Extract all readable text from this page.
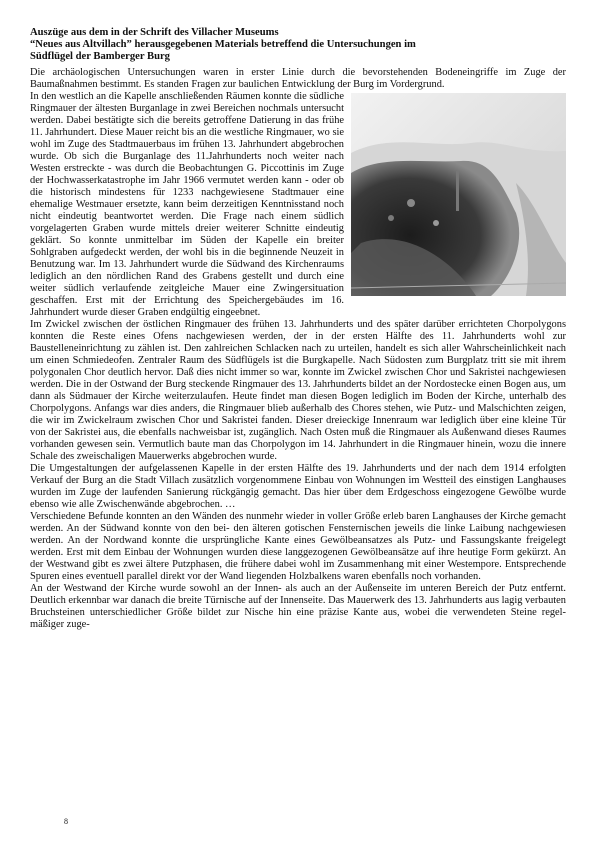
Auszüge aus dem in der Schrift des Villacher Museums

“Neues aus Altvillach” herausgegebenen Materials betreffend die Untersuchungen im

Südflügel der Bamberger Burg

Die archäologischen Untersuchungen waren in erster Linie durch die bevorstehenden Bodeneingriffe im Zuge der Baumaßnahmen bestimmt. Es standen Fragen zur baulichen Entwicklung der Burg im Vordergrund.

In den westlich an die Kapelle anschließenden Räumen konnte die südliche Ringmauer der ältesten Burganlage in zwei Bereichen nochmals untersucht werden. Dabei bestätigte sich die bereits getroffene Datierung in das frühe 11. Jahrhundert. Diese Mauer reicht bis an die westliche Ringmauer, wo sie wohl im Zuge des Stadtmauerbaus im frühen 13. Jahrhundert abgebrochen wurde. Ob sich die Burganlage des 11.Jahrhunderts noch weiter nach Westen erstreckte - was durch die Beobachtungen G. Piccottinis im Zuge der Hochwasserkatastrophe im Jahr 1966 vermutet werden kann - oder ob die historisch mindestens für 1233 nachgewiesene Stadtmauer eine ehemalige Westmauer ersetzte, kann beim derzeitigen Kenntnisstand noch nicht eindeutig beantwortet werden. Die Frage nach einem südlich vorgelagerten Graben wurde mittels dreier weiterer Schnitte eindeutig geklärt. So konnte unmittelbar im Süden der Kapelle ein breiter Sohlgraben aufgedeckt werden, der wohl bis in die beginnende Neuzeit in Benutzung war. Im 13. Jahrhundert wurde die Südwand des Kirchenraums lediglich an den nördlichen Rand des Grabens gestellt und durch eine weiter südlich verlaufende zeitgleiche Mauer eine Zwingersituation geschaffen. Erst mit der Errichtung des Speichergebäudes im 16. Jahrhundert wurde dieser Graben endgültig eingeebnet.

Im Zwickel zwischen der östlichen Ringmauer des frühen 13. Jahrhunderts und des später darüber errichteten Chorpolygons konnten die Reste eines Ofens nachgewiesen werden, der in der ersten Hälfte des 11. Jahrhunderts wohl zur Baustelleneinrichtung zu zählen ist. Den zahlreichen Schlacken nach zu urteilen, handelt es sich aller Wahrscheinlichkeit nach um einen Schmiedeofen. Zentraler Raum des Südflügels ist die Burgkapelle. Nach Südosten zum Burgplatz tritt sie mit ihrem polygonalen Chor deutlich hervor. Daß dies nicht immer so war, konnte im Zwickel zwischen Chor und Sakristei nachgewiesen werden. Die in der Ostwand der Burg steckende Ringmauer des 13. Jahrhunderts bildet an der Nordostecke einen Bogen aus, um dann als Südmauer der Kirche weiterzulaufen. Heute findet man diesen Bogen lediglich im Boden der Kirche, unterhalb des Chorpolygons. Anfangs war dies anders, die Ringmauer blieb außerhalb des Chores stehen, wie Putz- und Malschichten zeigen, die wir im Zwickelraum zwischen Chor und Sakristei fanden. Dieser dreieckige Innenraum war lediglich über eine kleine Tür von der Sakristei aus, die ebenfalls nachweisbar ist, zugänglich. Nach Osten muß die Ringmauer als Außenwand dieses Raumes vorhanden gewesen sein. Vermutlich baute man das Chorpolygon im 14. Jahrhundert in die Ringmauer hinein, wozu die innere Schale des zweischaligen Mauerwerks abgebrochen wurde.

Die Umgestaltungen der aufgelassenen Kapelle in der ersten Hälfte des 19. Jahrhunderts und der nach dem 1914 erfolgten Verkauf der Burg an die Stadt Villach zusätzlich vorgenommene Einbau von Wohnungen im Westteil des einstigen Langhauses wurden im Zuge der laufenden Sanierung rückgängig gemacht. Das hier über dem Erdgeschoss eingezogene Gewölbe wurde ebenso wie alle Zwischenwände abgebrochen. …

Verschiedene Befunde konnten an den Wänden des nunmehr wieder in voller Größe erleb baren Langhauses der Kirche gemacht werden. An der Südwand konnte von den bei- den älteren gotischen Fensternischen jeweils die linke Laibung nachgewiesen werden. An der Nordwand konnte die ursprüngliche Kante eines Gewölbeansatzes als Putz- und Fassungskante freigelegt werden. Erst mit dem Einbau der Wohnungen wurden diese langgezogenen Gewölbeansätze auf ihre heutige Form gekürzt. An der Westwand gibt es zwei ältere Putzphasen, die frühere dabei wohl im Zusammenhang mit einer Westempore. Entsprechende Spuren eines eventuell parallel direkt vor der Wand liegenden Holzbalkens waren ebenfalls noch vorhanden.

An der Westwand der Kirche wurde sowohl an der Innen- als auch an der Außenseite im unteren Bereich der Putz entfernt. Deutlich erkennbar war danach die breite Türnische auf der Innenseite. Das Mauerwerk des 13. Jahrhunderts aus lagig verbauten Bruchsteinen unterschiedlicher Größe bildet zur Nische hin eine präzise Kante aus, wobei die verwendeten Steine regel- mäßiger zuge-

8
